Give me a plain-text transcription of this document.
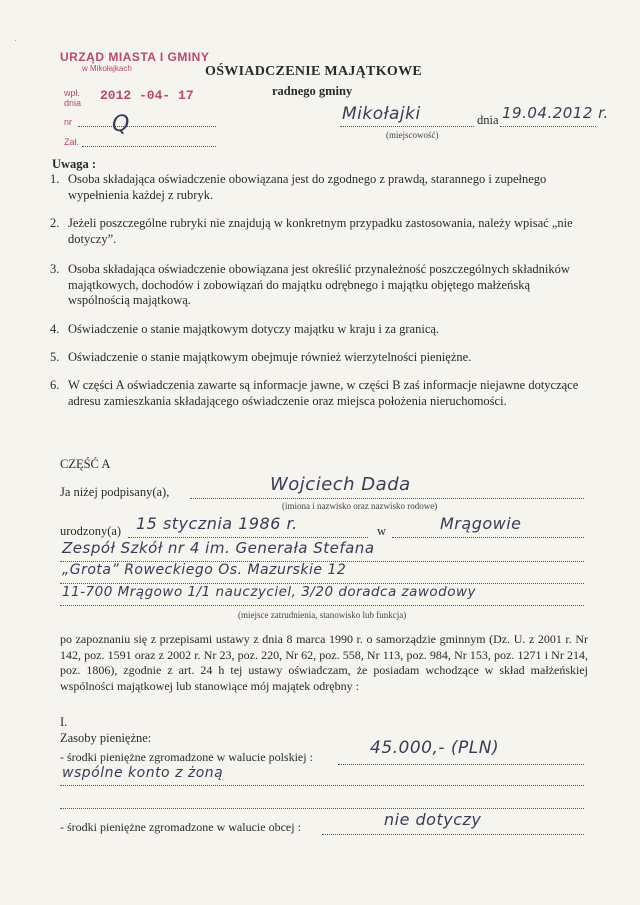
·
URZĄD MIASTA I GMINY
w Mikołajkach
wpł. dnia	2012 -04- 17
nr
Zał.
Q
OŚWIADCZENIE MAJĄTKOWE
radnego gminy
Mikołajki	dnia 19.04.2012 r.
(miejscowość)
Uwaga :
1. Osoba składająca oświadczenie obowiązana jest do zgodnego z prawdą, starannego i zupełnego wypełnienia każdej z rubryk.
2. Jeżeli poszczególne rubryki nie znajdują w konkretnym przypadku zastosowania, należy wpisać „nie dotyczy”.
3. Osoba składająca oświadczenie obowiązana jest określić przynależność poszczególnych składników majątkowych, dochodów i zobowiązań do majątku odrębnego i majątku objętego małżeńską wspólnością majątkową.
4. Oświadczenie o stanie majątkowym dotyczy majątku w kraju i za granicą.
5. Oświadczenie o stanie majątkowym obejmuje również wierzytelności pieniężne.
6. W części A oświadczenia zawarte są informacje jawne, w części B zaś informacje niejawne dotyczące adresu zamieszkania składającego oświadczenie oraz miejsca położenia nieruchomości.
CZĘŚĆ A
Ja niżej podpisany(a),	Wojciech Dada
(imiona i nazwisko oraz nazwisko rodowe)
urodzony(a) 15 stycznia 1986 r.	w	Mrągowie
Zespół Szkół nr 4 im. Generała Stefana
„Grota” Roweckiego Os. Mazurskie 12
11-700 Mrągowo 1/1 nauczyciel, 3/20 doradca zawodowy
(miejsce zatrudnienia, stanowisko lub funkcja)
po zapoznaniu się z przepisami ustawy z dnia 8 marca 1990 r. o samorządzie gminnym (Dz. U. z 2001 r. Nr 142, poz. 1591 oraz z 2002 r. Nr 23, poz. 220, Nr 62, poz. 558, Nr 113, poz. 984, Nr 153, poz. 1271 i Nr 214, poz. 1806), zgodnie z art. 24 h tej ustawy oświadczam, że posiadam wchodzące w skład małżeńskiej wspólności majątkowej lub stanowiące mój majątek odrębny :
I.
Zasoby pieniężne:
- środki pieniężne zgromadzone w walucie polskiej :	45.000,- (PLN)
wspólne konto z żoną
- środki pieniężne zgromadzone w walucie obcej :	nie dotyczy
